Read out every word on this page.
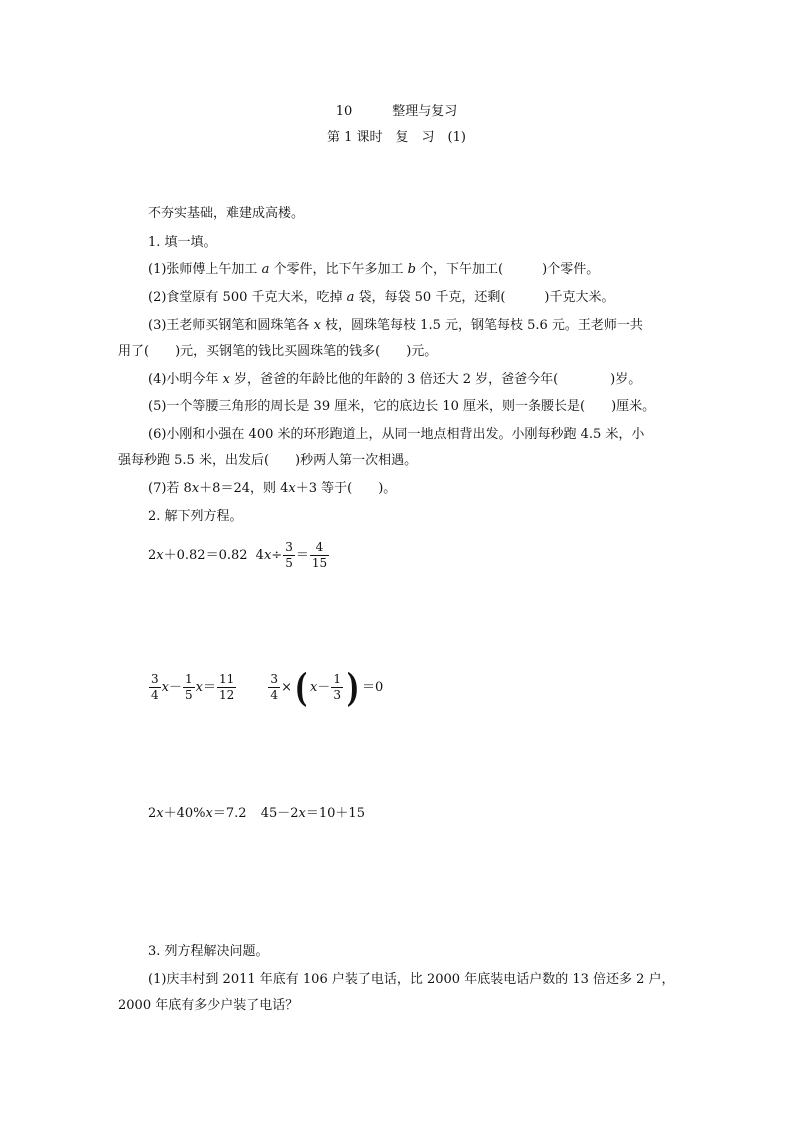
10	整理与复习
第 1 课时　复　习　(1)
不夯实基础，难建成高楼。
1. 填一填。
(1)张师傅上午加工 a 个零件，比下午多加工 b 个，下午加工(　　　)个零件。
(2)食堂原有 500 千克大米，吃掉 a 袋，每袋 50 千克，还剩(　　　)千克大米。
(3)王老师买钢笔和圆珠笔各 x 枝，圆珠笔每枝 1.5 元，钢笔每枝 5.6 元。王老师一共
用了(　　)元，买钢笔的钱比买圆珠笔的钱多(　　)元。
(4)小明今年 x 岁，爸爸的年龄比他的年龄的 3 倍还大 2 岁，爸爸今年(　　　　)岁。
(5)一个等腰三角形的周长是 39 厘米，它的底边长 10 厘米，则一条腰长是(　　)厘米。
(6)小刚和小强在 400 米的环形跑道上，从同一地点相背出发。小刚每秒跑 4.5 米，小
强每秒跑 5.5 米，出发后(　　)秒两人第一次相遇。
(7)若 8x＋8＝24，则 4x＋3 等于(　　)。
2. 解下列方程。
2x＋0.82＝0.82 $4x\div \frac{3}{5} = \frac{4}{15}$
$\frac{3}{4} x- \frac{1}{5} x= \frac{11}{12}$
	$\frac{3}{4}$ ×( $x- \frac{1}{3}$ ) ＝0
2x＋40%x＝7.2 45－2x＝10＋15
3. 列方程解决问题。
(1)庆丰村到 2011 年底有 106 户装了电话，比 2000 年底装电话户数的 13 倍还多 2 户，
2000 年底有多少户装了电话？
